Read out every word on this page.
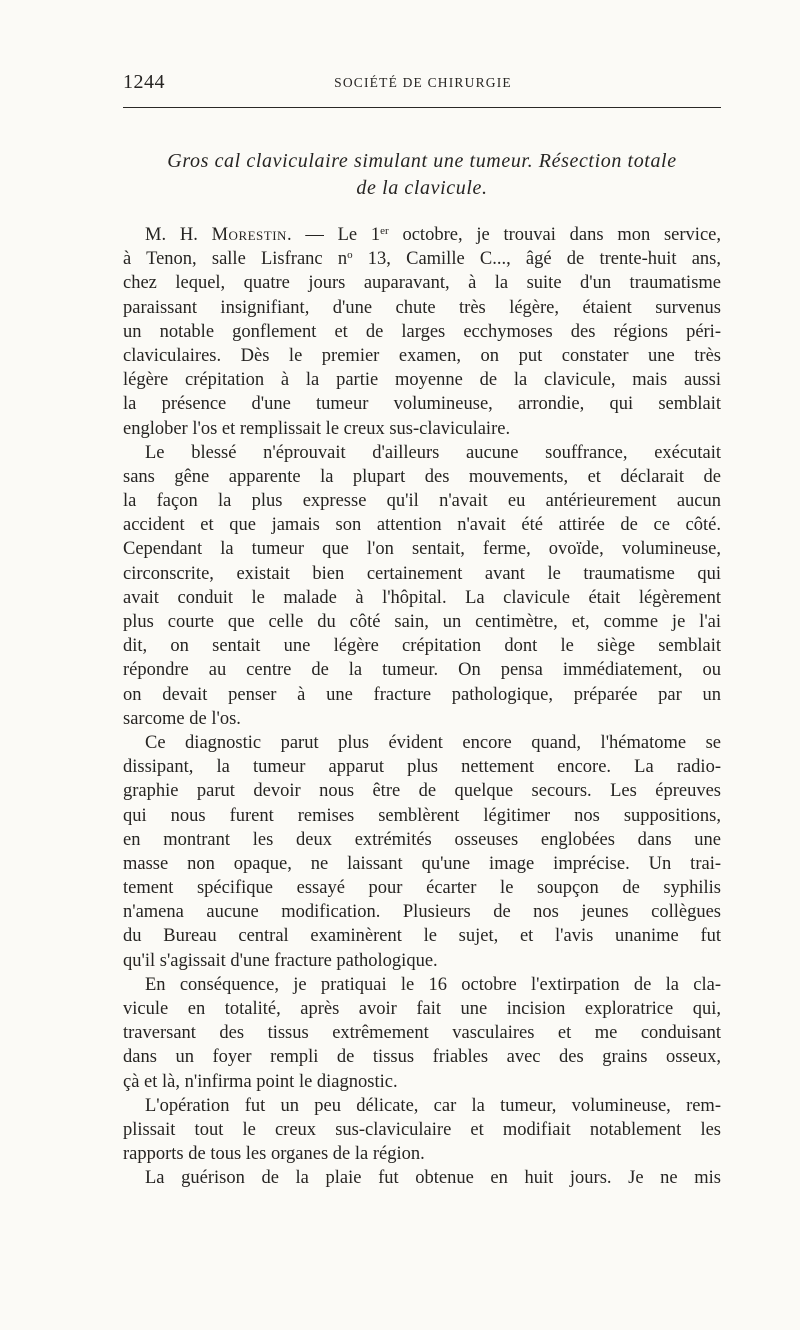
1244	SOCIÉTÉ DE CHIRURGIE
Gros cal claviculaire simulant une tumeur. Résection totale
de la clavicule.
M. H. Morestin. — Le 1er octobre, je trouvai dans mon service,
à Tenon, salle Lisfranc $n^o$ 13, Camille C..., âgé de trente-huit ans,
chez lequel, quatre jours auparavant, à la suite d'un traumatisme
paraissant insignifiant, d'une chute très légère, étaient survenus
un notable gonflement et de larges ecchymoses des régions péri-
claviculaires. Dès le premier examen, on put constater une très
légère crépitation à la partie moyenne de la clavicule, mais aussi
la présence d'une tumeur volumineuse, arrondie, qui semblait
englober l'os et remplissait le creux sus-claviculaire.
Le blessé n'éprouvait d'ailleurs aucune souffrance, exécutait
sans gêne apparente la plupart des mouvements, et déclarait de
la façon la plus expresse qu'il n'avait eu antérieurement aucun
accident et que jamais son attention n'avait été attirée de ce côté.
Cependant la tumeur que l'on sentait, ferme, ovoïde, volumineuse,
circonscrite, existait bien certainement avant le traumatisme qui
avait conduit le malade à l'hôpital. La clavicule était légèrement
plus courte que celle du côté sain, un centimètre, et, comme je l'ai
dit, on sentait une légère crépitation dont le siège semblait
répondre au centre de la tumeur. On pensa immédiatement, ou
on devait penser à une fracture pathologique, préparée par un
sarcome de l'os.
Ce diagnostic parut plus évident encore quand, l'hématome se
dissipant, la tumeur apparut plus nettement encore. La radio-
graphie parut devoir nous être de quelque secours. Les épreuves
qui nous furent remises semblèrent légitimer nos suppositions,
en montrant les deux extrémités osseuses englobées dans une
masse non opaque, ne laissant qu'une image imprécise. Un trai-
tement spécifique essayé pour écarter le soupçon de syphilis
n'amena aucune modification. Plusieurs de nos jeunes collègues
du Bureau central examinèrent le sujet, et l'avis unanime fut
qu'il s'agissait d'une fracture pathologique.
En conséquence, je pratiquai le 16 octobre l'extirpation de la cla-
vicule en totalité, après avoir fait une incision exploratrice qui,
traversant des tissus extrêmement vasculaires et me conduisant
dans un foyer rempli de tissus friables avec des grains osseux,
çà et là, n'infirma point le diagnostic.
L'opération fut un peu délicate, car la tumeur, volumineuse, rem-
plissait tout le creux sus-claviculaire et modifiait notablement les
rapports de tous les organes de la région.
La guérison de la plaie fut obtenue en huit jours. Je ne mis
